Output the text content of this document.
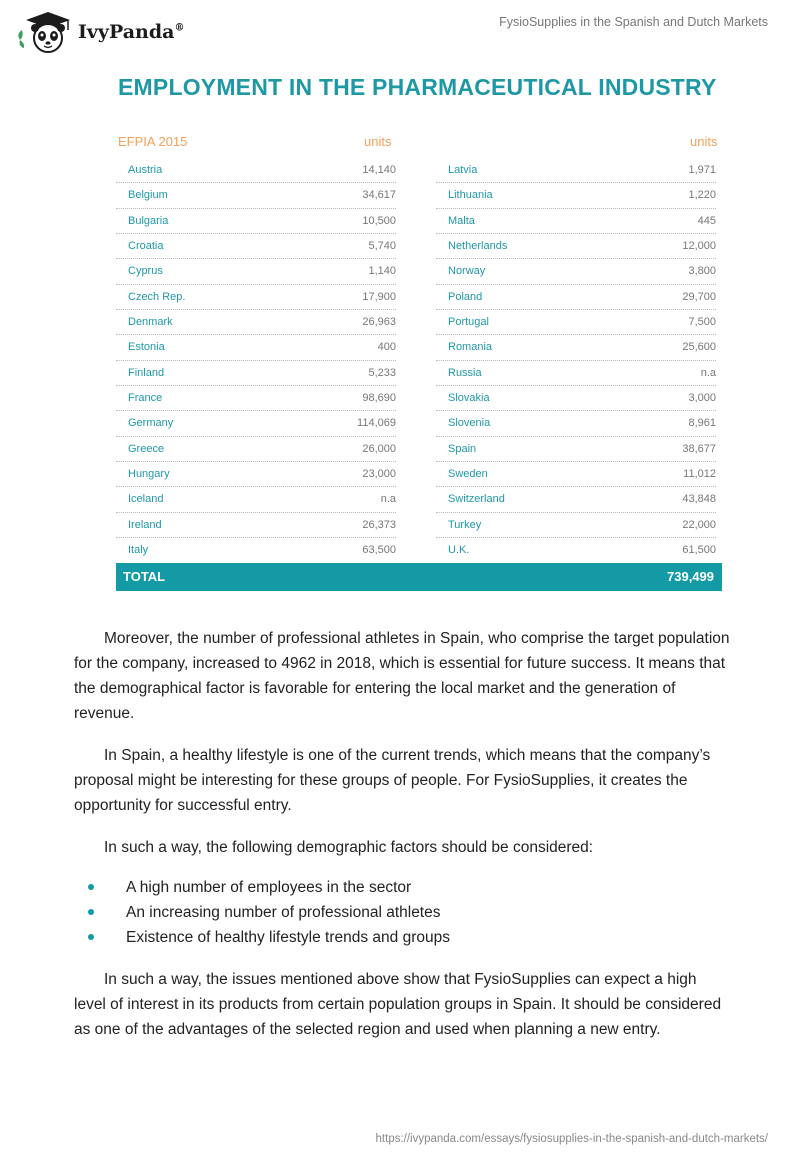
IvyPanda®	FysioSupplies in the Spanish and Dutch Markets
EMPLOYMENT IN THE PHARMACEUTICAL INDUSTRY
EFPIA 2015	units	units
Austria	14,140
Belgium	34,617
Bulgaria	10,500
Croatia	5,740
Cyprus	1,140
Czech Rep.	17,900
Denmark	26,963
Estonia	400
Finland	5,233
France	98,690
Germany	114,069
Greece	26,000
Hungary	23,000
Iceland	n.a
Ireland	26,373
Italy	63,500
Latvia	1,971
Lithuania	1,220
Malta	445
Netherlands	12,000
Norway	3,800
Poland	29,700
Portugal	7,500
Romania	25,600
Russia	n.a
Slovakia	3,000
Slovenia	8,961
Spain	38,677
Sweden	11,012
Switzerland	43,848
Turkey	22,000
U.K.	61,500
TOTAL	739,499

Moreover, the number of professional athletes in Spain, who comprise the target population for the company, increased to 4962 in 2018, which is essential for future success. It means that the demographical factor is favorable for entering the local market and the generation of revenue.

In Spain, a healthy lifestyle is one of the current trends, which means that the company’s proposal might be interesting for these groups of people. For FysioSupplies, it creates the opportunity for successful entry.

In such a way, the following demographic factors should be considered:

A high number of employees in the sector
An increasing number of professional athletes
Existence of healthy lifestyle trends and groups

In such a way, the issues mentioned above show that FysioSupplies can expect a high level of interest in its products from certain population groups in Spain. It should be considered as one of the advantages of the selected region and used when planning a new entry.

https://ivypanda.com/essays/fysiosupplies-in-the-spanish-and-dutch-markets/
